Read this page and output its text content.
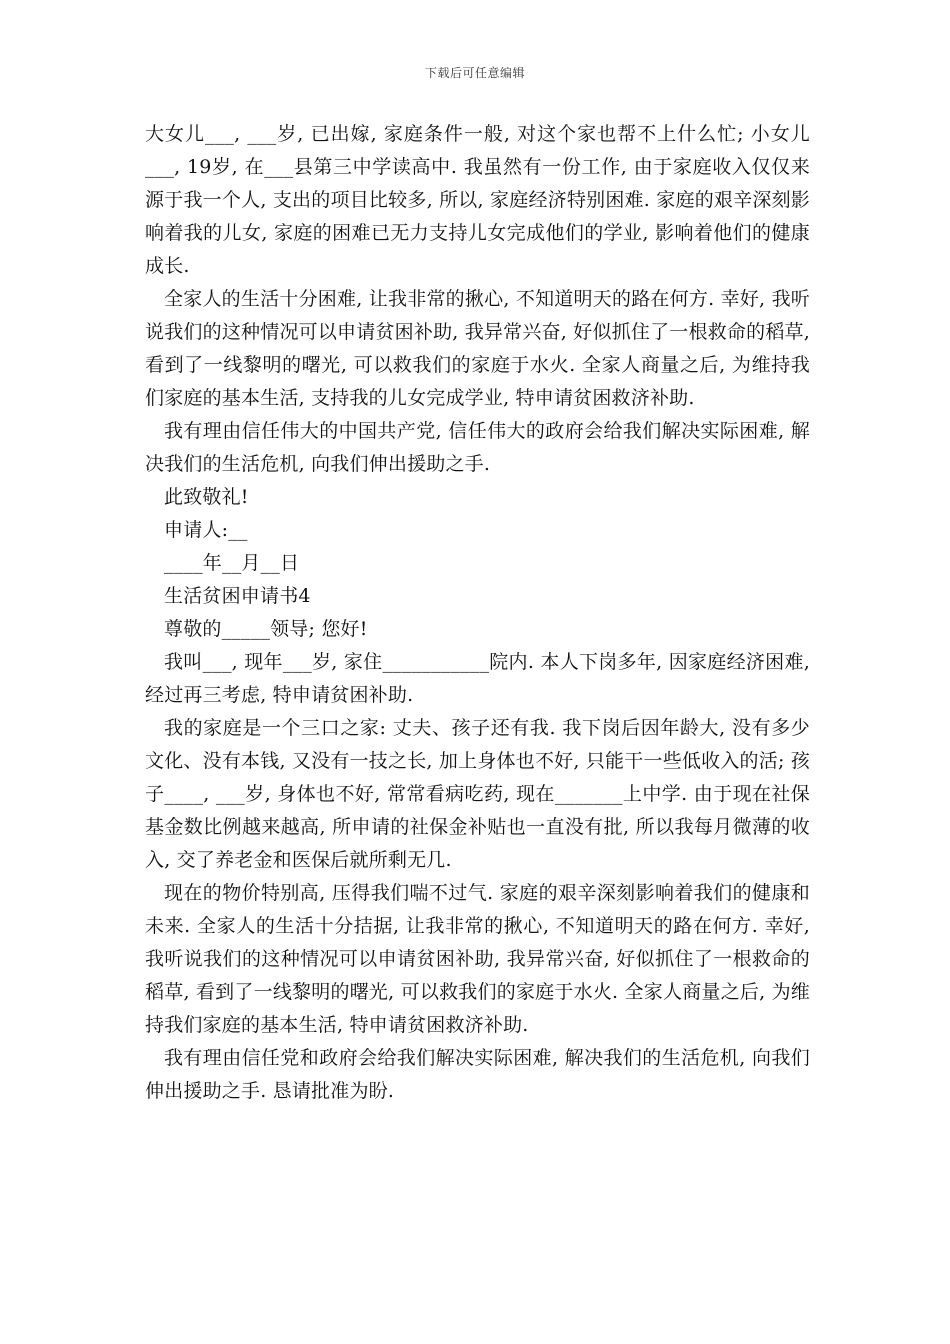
下载后可任意编辑

大女儿___, ___岁, 已出嫁, 家庭条件一般, 对这个家也帮不上什么忙; 小女儿___, 19岁, 在___县第三中学读高中. 我虽然有一份工作, 由于家庭收入仅仅来源于我一个人, 支出的项目比较多, 所以, 家庭经济特别困难. 家庭的艰辛深刻影响着我的儿女, 家庭的困难已无力支持儿女完成他们的学业, 影响着他们的健康成长.

全家人的生活十分困难, 让我非常的揪心, 不知道明天的路在何方. 幸好, 我听说我们的这种情况可以申请贫困补助, 我异常兴奋, 好似抓住了一根救命的稻草, 看到了一线黎明的曙光, 可以救我们的家庭于水火. 全家人商量之后, 为维持我们家庭的基本生活, 支持我的儿女完成学业, 特申请贫困救济补助.

我有理由信任伟大的中国共产党, 信任伟大的政府会给我们解决实际困难, 解决我们的生活危机, 向我们伸出援助之手.

此致敬礼!

申请人:__

____年__月__日

生活贫困申请书4

尊敬的_____领导; 您好!

我叫___, 现年___岁, 家住___________院内. 本人下岗多年, 因家庭经济困难, 经过再三考虑, 特申请贫困补助.

我的家庭是一个三口之家: 丈夫、孩子还有我. 我下岗后因年龄大, 没有多少文化、没有本钱, 又没有一技之长, 加上身体也不好, 只能干一些低收入的活; 孩子____, ___岁, 身体也不好, 常常看病吃药, 现在_______上中学. 由于现在社保基金数比例越来越高, 所申请的社保金补贴也一直没有批, 所以我每月微薄的收入, 交了养老金和医保后就所剩无几.

现在的物价特别高, 压得我们喘不过气. 家庭的艰辛深刻影响着我们的健康和未来. 全家人的生活十分拮据, 让我非常的揪心, 不知道明天的路在何方. 幸好, 我听说我们的这种情况可以申请贫困补助, 我异常兴奋, 好似抓住了一根救命的稻草, 看到了一线黎明的曙光, 可以救我们的家庭于水火. 全家人商量之后, 为维持我们家庭的基本生活, 特申请贫困救济补助.

我有理由信任党和政府会给我们解决实际困难, 解决我们的生活危机, 向我们伸出援助之手. 恳请批准为盼.
